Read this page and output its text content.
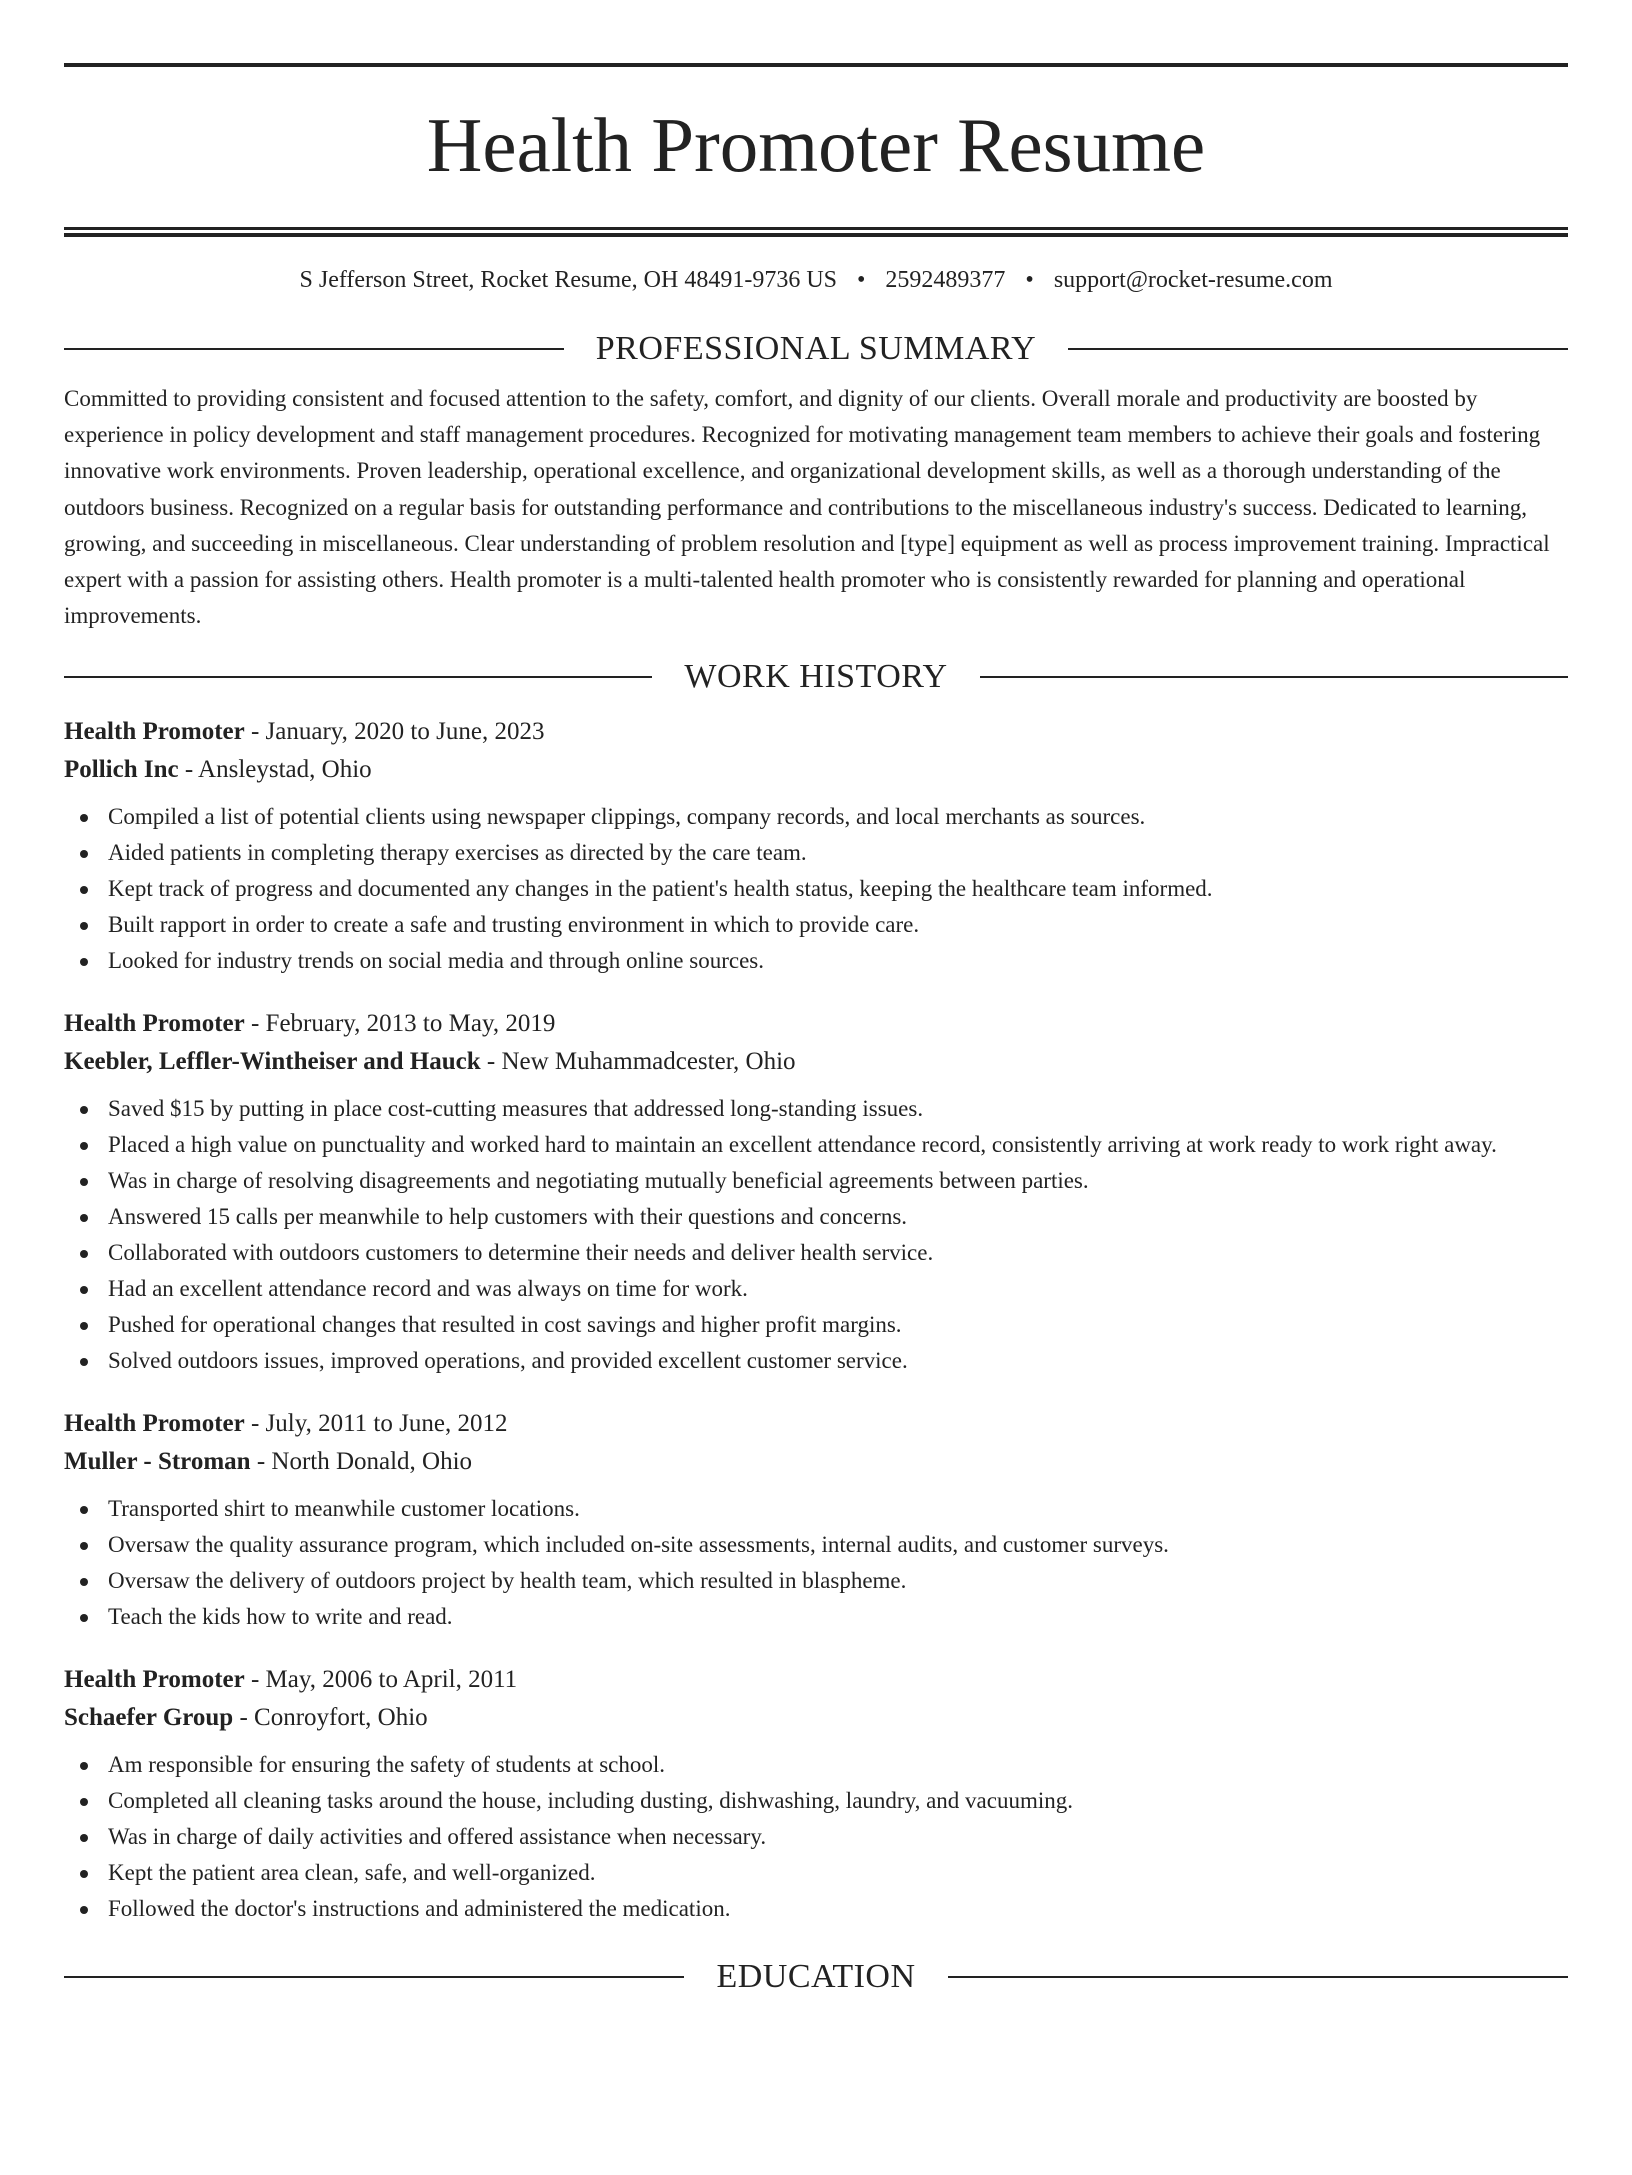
Health Promoter Resume
S Jefferson Street, Rocket Resume, OH 48491-9736 US • 2592489377 • support@rocket-resume.com
PROFESSIONAL SUMMARY

Committed to providing consistent and focused attention to the safety, comfort, and dignity of our clients. Overall morale and productivity are boosted by experience in policy development and staff management procedures. Recognized for motivating management team members to achieve their goals and fostering innovative work environments. Proven leadership, operational excellence, and organizational development skills, as well as a thorough understanding of the outdoors business. Recognized on a regular basis for outstanding performance and contributions to the miscellaneous industry's success. Dedicated to learning, growing, and succeeding in miscellaneous. Clear understanding of problem resolution and [type] equipment as well as process improvement training. Impractical expert with a passion for assisting others. Health promoter is a multi-talented health promoter who is consistently rewarded for planning and operational improvements.

WORK HISTORY
Health Promoter - January, 2020 to June, 2023
Pollich Inc - Ansleystad, Ohio
Compiled a list of potential clients using newspaper clippings, company records, and local merchants as sources.
Aided patients in completing therapy exercises as directed by the care team.
Kept track of progress and documented any changes in the patient's health status, keeping the healthcare team informed.
Built rapport in order to create a safe and trusting environment in which to provide care.
Looked for industry trends on social media and through online sources.
Health Promoter - February, 2013 to May, 2019
Keebler, Leffler-Wintheiser and Hauck - New Muhammadcester, Ohio
Saved $15 by putting in place cost-cutting measures that addressed long-standing issues.
Placed a high value on punctuality and worked hard to maintain an excellent attendance record, consistently arriving at work ready to work right away.
Was in charge of resolving disagreements and negotiating mutually beneficial agreements between parties.
Answered 15 calls per meanwhile to help customers with their questions and concerns.
Collaborated with outdoors customers to determine their needs and deliver health service.
Had an excellent attendance record and was always on time for work.
Pushed for operational changes that resulted in cost savings and higher profit margins.
Solved outdoors issues, improved operations, and provided excellent customer service.
Health Promoter - July, 2011 to June, 2012
Muller - Stroman - North Donald, Ohio
Transported shirt to meanwhile customer locations.
Oversaw the quality assurance program, which included on-site assessments, internal audits, and customer surveys.
Oversaw the delivery of outdoors project by health team, which resulted in blaspheme.
Teach the kids how to write and read.
Health Promoter - May, 2006 to April, 2011
Schaefer Group - Conroyfort, Ohio
Am responsible for ensuring the safety of students at school.
Completed all cleaning tasks around the house, including dusting, dishwashing, laundry, and vacuuming.
Was in charge of daily activities and offered assistance when necessary.
Kept the patient area clean, safe, and well-organized.
Followed the doctor's instructions and administered the medication.
EDUCATION
